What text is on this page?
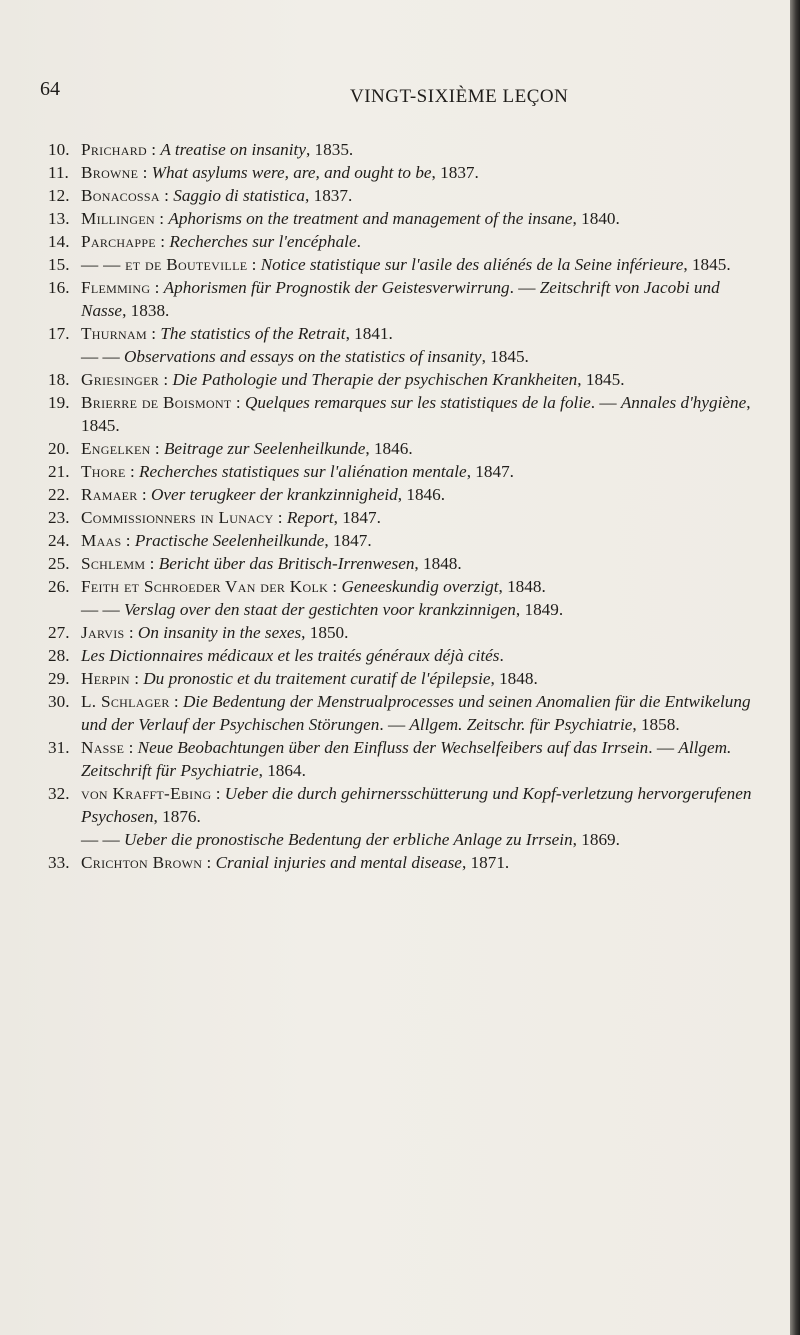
64	VINGT-SIXIÈME LEÇON
10. Prichard : A treatise on insanity, 1835.
11. Browne : What asylums were, are, and ought to be, 1837.
12. Bonacossa : Saggio di statistica, 1837.
13. Millingen : Aphorisms on the treatment and management of the insane, 1840.
14. Parchappe : Recherches sur l'encéphale.
15. — — et de Bouteville : Notice statistique sur l'asile des aliénés de la Seine inférieure, 1845.
16. Flemming : Aphorismen für Prognostik der Geistesverwirrung. — Zeitschrift von Jacobi und Nasse, 1838.
17. Thurnam : The statistics of the Retrait, 1841.
— — Observations and essays on the statistics of insanity, 1845.
18. Griesinger : Die Pathologie und Therapie der psychischen Krankheiten, 1845.
19. Brierre de Boismont : Quelques remarques sur les statistiques de la folie. — Annales d'hygiène, 1845.
20. Engelken : Beitrage zur Seelenheilkunde, 1846.
21. Thore : Recherches statistiques sur l'aliénation mentale, 1847.
22. Ramaer : Over terugkeer der krankzinnigheid, 1846.
23. Commissionners in Lunacy : Report, 1847.
24. Maas : Practische Seelenheilkunde, 1847.
25. Schlemm : Bericht über das Britisch-Irrenwesen, 1848.
26. Feith et Schroeder Van der Kolk : Geneeskundig overzigt, 1848.
— — Verslag over den staat der gestichten voor krankzinnigen, 1849.
27. Jarvis : On insanity in the sexes, 1850.
28. Les Dictionnaires médicaux et les traités généraux déjà cités.
29. Herpin : Du pronostic et du traitement curatif de l'épilepsie, 1848.
30. L. Schlager : Die Bedentung der Menstrualprocesses und seinen Anomalien für die Entwikelung und der Verlauf der Psychischen Störungen. — Allgem. Zeitschr. für Psychiatrie, 1858.
31. Nasse : Neue Beobachtungen über den Einfluss der Wechselfeibers auf das Irrsein. — Allgem. Zeitschrift für Psychiatrie, 1864.
32. von Krafft-Ebing : Ueber die durch gehirnersschütterung und Kopf-verletzung hervorgerufenen Psychosen, 1876.
— — Ueber die pronostische Bedentung der erbliche Anlage zu Irrsein, 1869.
33. Crichton Brown : Cranial injuries and mental disease, 1871.
